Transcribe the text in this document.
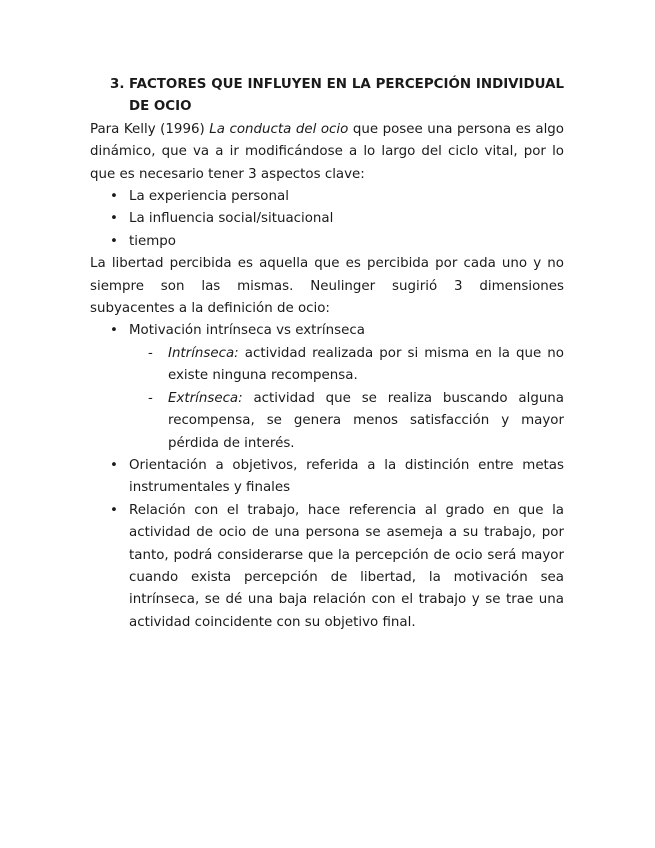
3. FACTORES QUE INFLUYEN EN LA PERCEPCIÓN INDIVIDUAL DE OCIO

Para Kelly (1996) La conducta del ocio que posee una persona es algo dinámico, que va a ir modificándose a lo largo del ciclo vital, por lo que es necesario tener 3 aspectos clave:

• La experiencia personal
• La influencia social/situacional
• tiempo

La libertad percibida es aquella que es percibida por cada uno y no siempre son las mismas. Neulinger sugirió 3 dimensiones subyacentes a la definición de ocio:

• Motivación intrínseca vs extrínseca
- Intrínseca: actividad realizada por si misma en la que no existe ninguna recompensa.
- Extrínseca: actividad que se realiza buscando alguna recompensa, se genera menos satisfacción y mayor pérdida de interés.
• Orientación a objetivos, referida a la distinción entre metas instrumentales y finales
• Relación con el trabajo, hace referencia al grado en que la actividad de ocio de una persona se asemeja a su trabajo, por tanto, podrá considerarse que la percepción de ocio será mayor cuando exista percepción de libertad, la motivación sea intrínseca, se dé una baja relación con el trabajo y se trae una actividad coincidente con su objetivo final.
